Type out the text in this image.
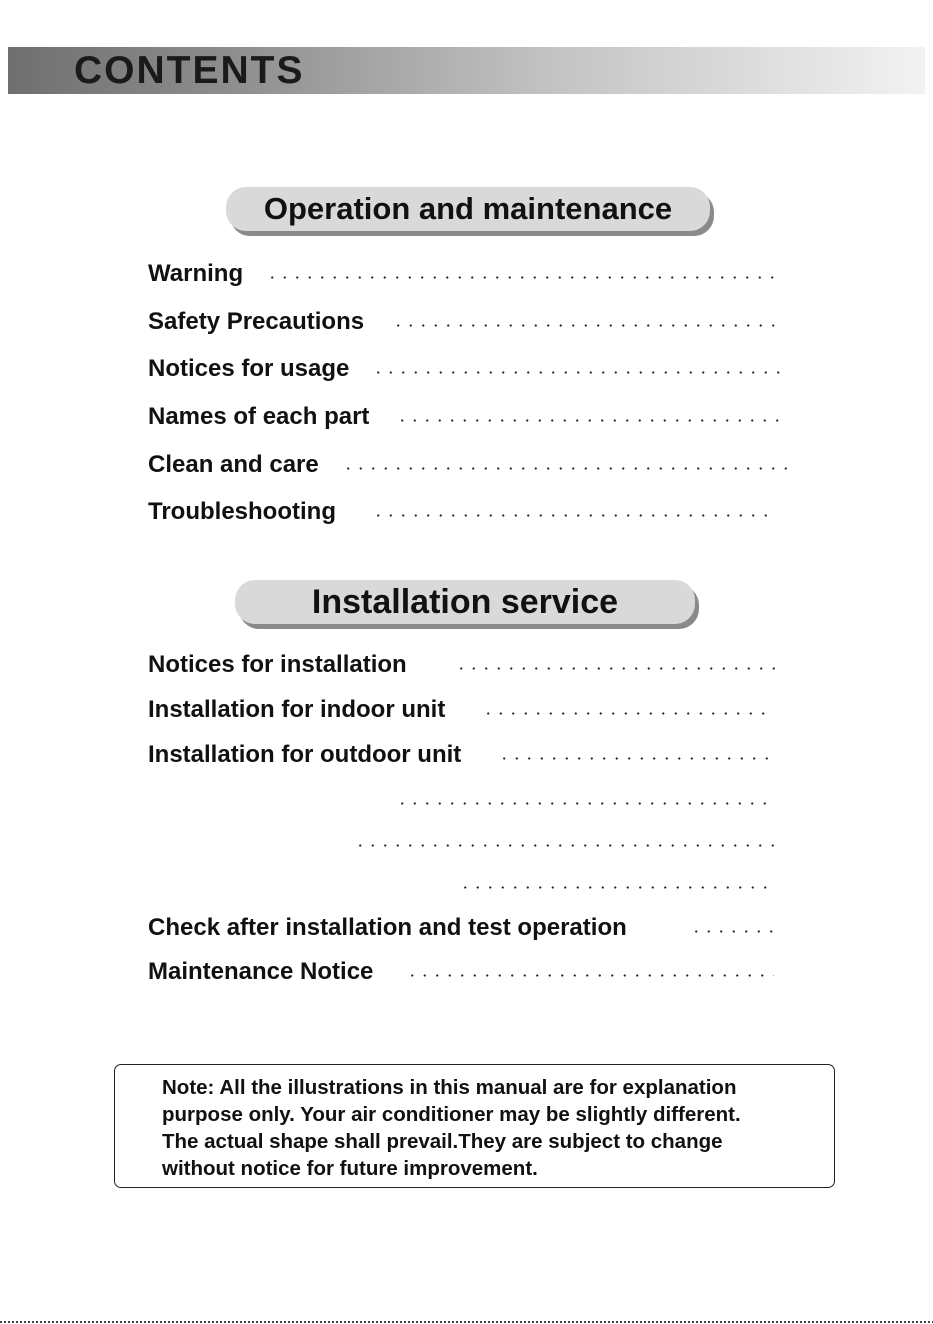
CONTENTS
Operation and maintenance
Warning
Safety Precautions
Notices for usage
Names of each part
Clean and care
Troubleshooting
Installation service
Notices for installation
Installation for indoor unit
Installation for outdoor unit
Check after installation and test operation
Maintenance Notice
Note: All the illustrations in this manual are for explanation
purpose only. Your air conditioner may be slightly different.
The actual shape shall prevail.They are subject to change
without notice for future improvement.
